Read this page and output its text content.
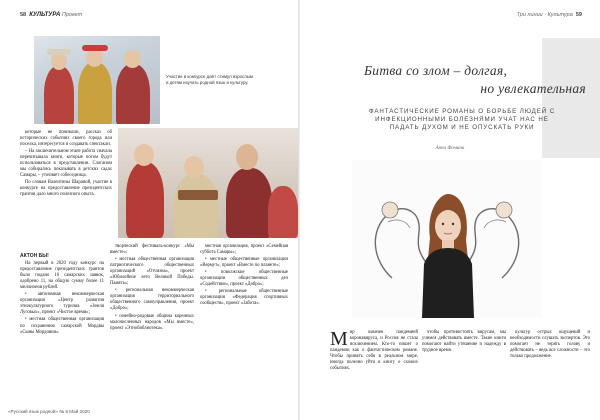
58 КУЛЬТУРА Проект
Участие в конкурсе даёт стимул взрослым и детям изучать родной язык и культуру.

которые не понимали, рассказ об исторических событиях своего города или поселка, интересуется и создавать спектакли.

– На заключительном этапе работа сначала перечитывала книги, которые потом будут использоваться в представлении. Слоганом мы собирались показывать в детских садах Самары, – уточняет собеседница.

По словам Валентины Шаровой, участие в конкурсе на предоставление президентских грантов дало много полезного опыта.

АКТОН БЫ!

На первый в 2020 году конкурс на предоставление президентских грантов было подано 16 самарских заявок, одобрено 11, на общую сумму более 11 миллионов рублей.

• автономная некоммерческая организация «Центр развития этнокультурного туризма «Земля Луговых», проект «Чистое время»;

• местная общественная организация по сохранению самарской Мордвы «Сыны Мордовии».

творческий фестиваль-конкурс «Мы вместе»;

• местная общественная организация патриотического общественных организаций «Отчизна», проект «Юбилейное лето Великой Победы. Память»;

• региональная некоммерческая организация территориального общественного самоуправления, проект «Добро»;

• семейно-родовые община коренных малочисленных народов «Мы вместе», проект «Этнобиблиотека».

местная организация, проект «Семейная суббота Самары»;

• местные общественные организации «Вермут», проект «Вместе по планете»;

• поволжские общественные организации общественных дел «Содействие», проект «Добро»;

• региональные общественные организации «Федерация спортивных сообществ», проект «Забота».

«Русский язык родной» № 5 Май 2020
Три линии · Культура 59
Битва со злом – долгая,
но увлекательная
ФАНТАСТИЧЕСКИЕ РОМАНЫ О БОРЬБЕ ЛЮДЕЙ С ИНФЕКЦИОННЫМИ БОЛЕЗНЯМИ УЧАТ НАС НЕ ПАДАТЬ ДУХОМ И НЕ ОПУСКАТЬ РУКИ
Анна Фомина
М ир охвачен пандемией коронавируса, и Россия не стала исключением. Кто-то пишет о пандемии как о фантастическом романе. Чтобы принять себя в реальном мире, иногда полезно уйти в книгу о схожих событиях.

чтобы противостоять вирусам, мы учимся действовать вместе. Такие книги помогают найти утешение и надежду в трудное время.

культур острых ощущений и необходимости слушать экспертов. Это помогает не терять голову и действовать – ведь все сложности – это только продолжение.
